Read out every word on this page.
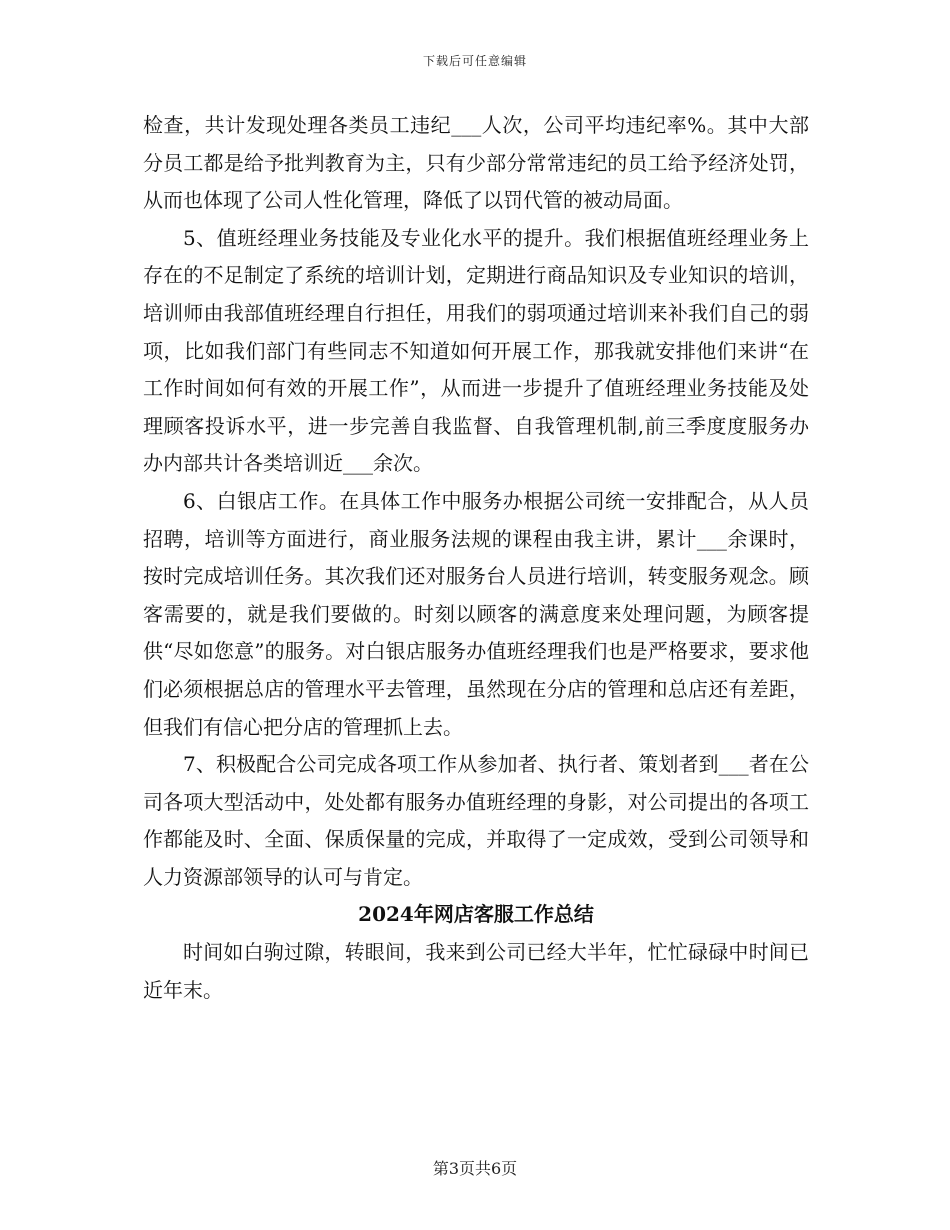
下载后可任意编辑

检查，共计发现处理各类员工违纪___人次，公司平均违纪率%。其中大部分员工都是给予批判教育为主，只有少部分常常违纪的员工给予经济处罚，从而也体现了公司人性化管理，降低了以罚代管的被动局面。

5、值班经理业务技能及专业化水平的提升。我们根据值班经理业务上存在的不足制定了系统的培训计划，定期进行商品知识及专业知识的培训，培训师由我部值班经理自行担任，用我们的弱项通过培训来补我们自己的弱项，比如我们部门有些同志不知道如何开展工作，那我就安排他们来讲“在工作时间如何有效的开展工作”，从而进一步提升了值班经理业务技能及处理顾客投诉水平，进一步完善自我监督、自我管理机制,前三季度度服务办办内部共计各类培训近___余次。

6、白银店工作。在具体工作中服务办根据公司统一安排配合，从人员招聘，培训等方面进行，商业服务法规的课程由我主讲，累计___余课时，按时完成培训任务。其次我们还对服务台人员进行培训，转变服务观念。顾客需要的，就是我们要做的。时刻以顾客的满意度来处理问题，为顾客提供“尽如您意”的服务。对白银店服务办值班经理我们也是严格要求，要求他们必须根据总店的管理水平去管理，虽然现在分店的管理和总店还有差距，但我们有信心把分店的管理抓上去。

7、积极配合公司完成各项工作从参加者、执行者、策划者到___者在公司各项大型活动中，处处都有服务办值班经理的身影，对公司提出的各项工作都能及时、全面、保质保量的完成，并取得了一定成效，受到公司领导和人力资源部领导的认可与肯定。

2024年网店客服工作总结

时间如白驹过隙，转眼间，我来到公司已经大半年，忙忙碌碌中时间已近年末。

第3页共6页
